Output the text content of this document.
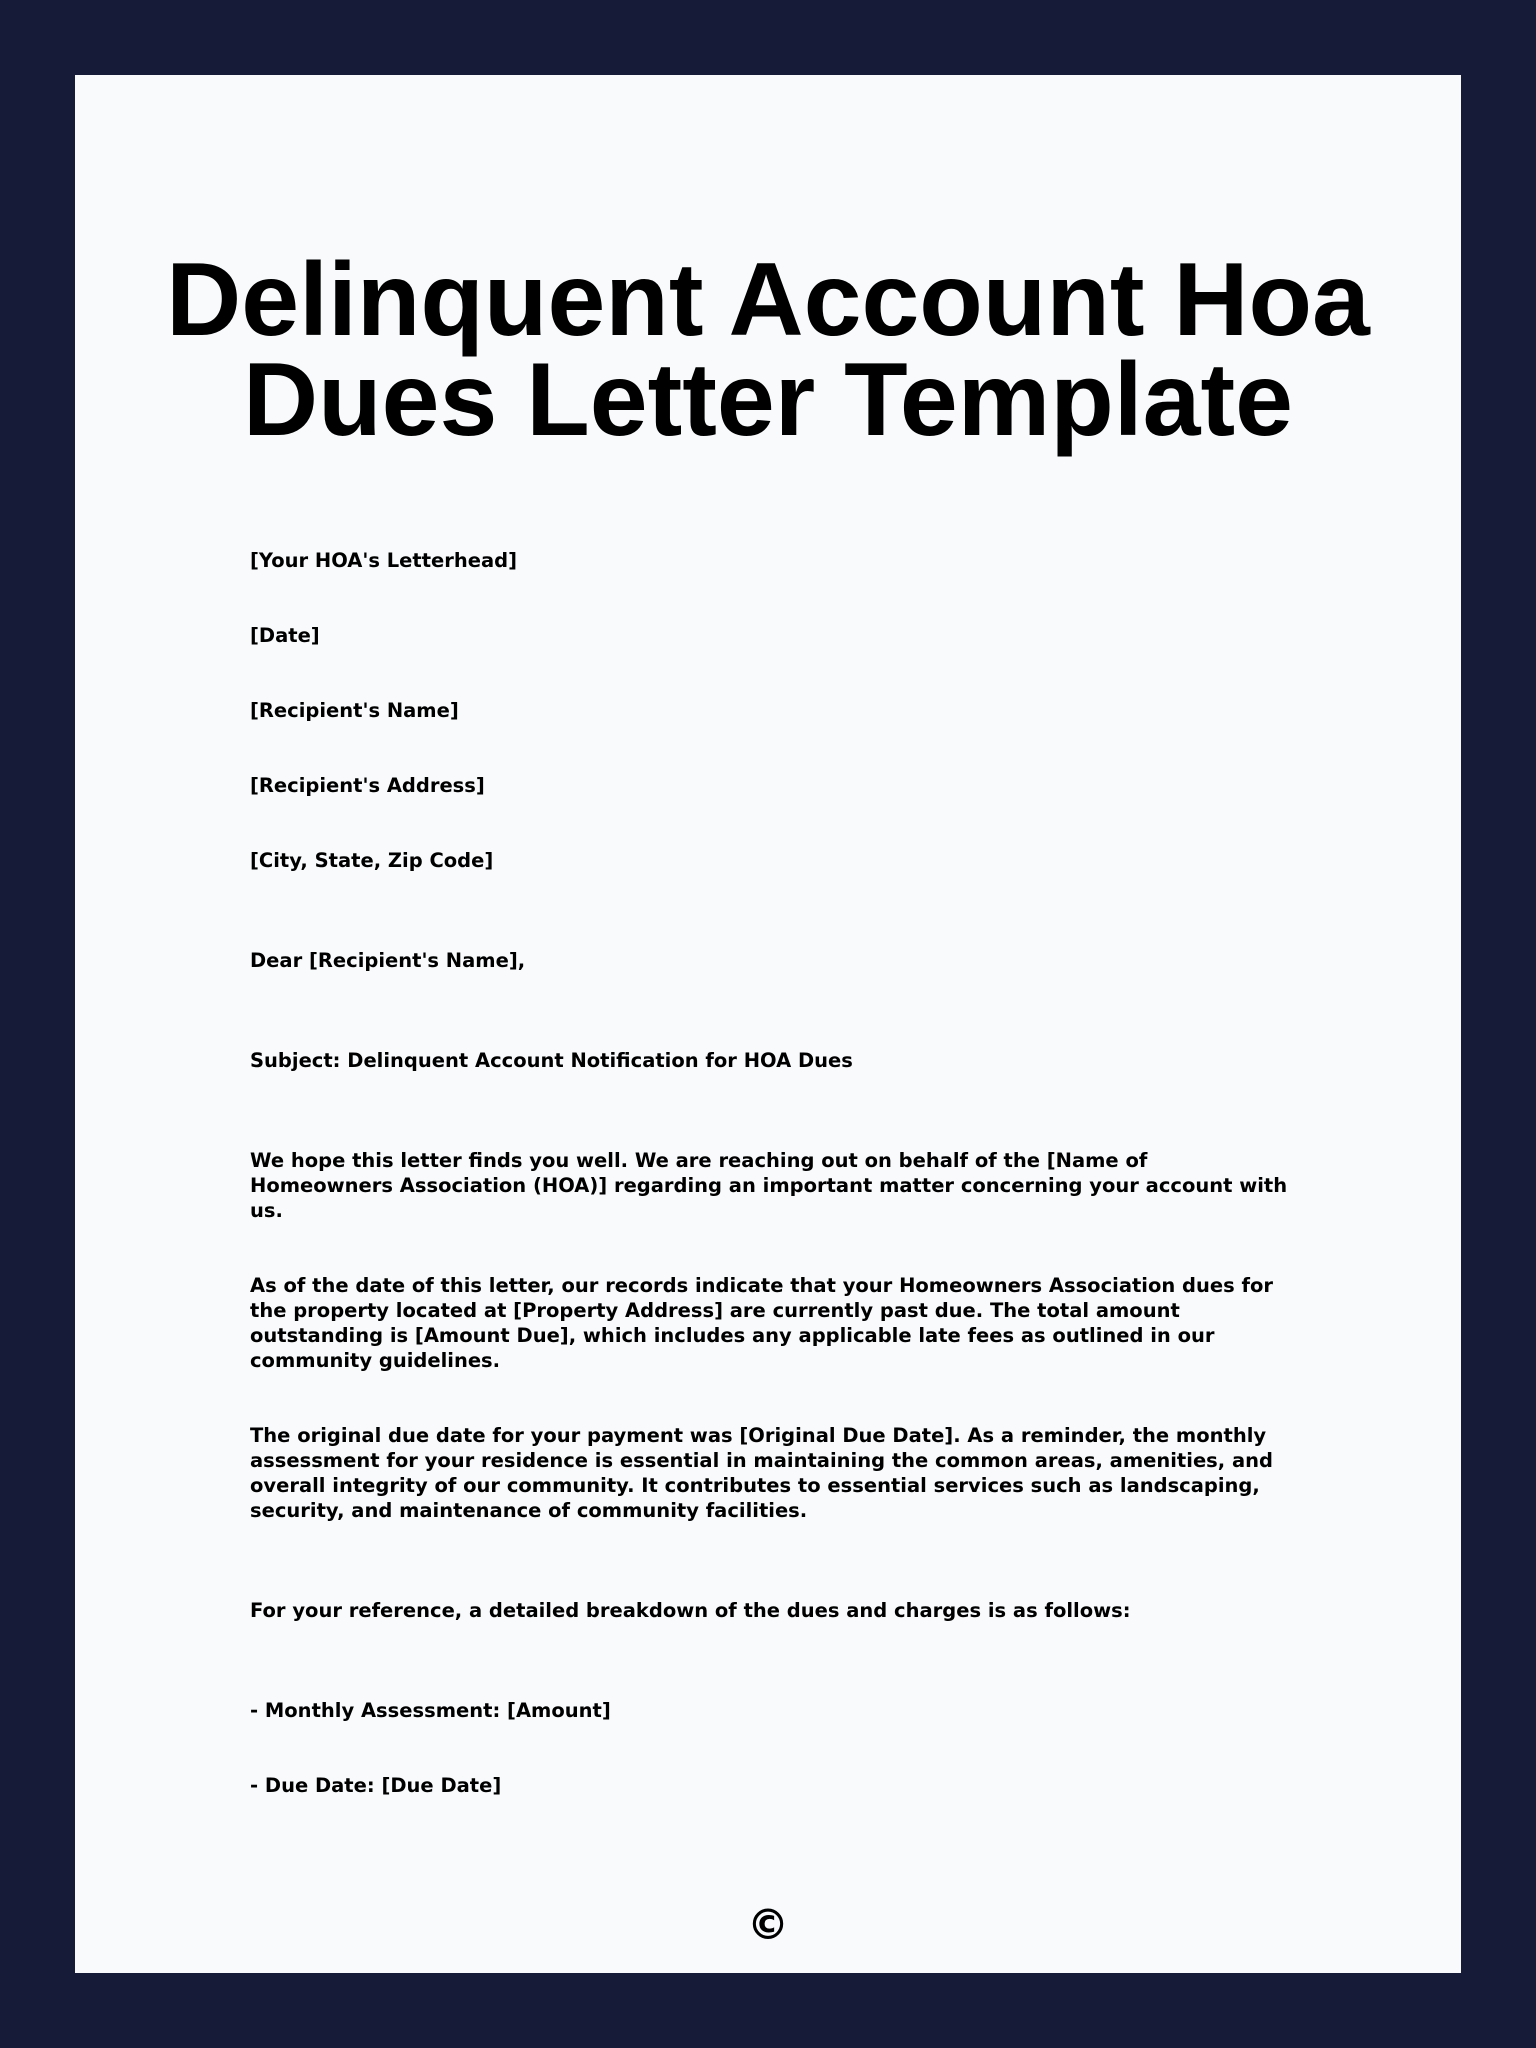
Delinquent Account Hoa Dues Letter Template

[Your HOA's Letterhead]

[Date]

[Recipient's Name]

[Recipient's Address]

[City, State, Zip Code]

Dear [Recipient's Name],

Subject: Delinquent Account Notification for HOA Dues

We hope this letter finds you well. We are reaching out on behalf of the [Name of Homeowners Association (HOA)] regarding an important matter concerning your account with us.

As of the date of this letter, our records indicate that your Homeowners Association dues for the property located at [Property Address] are currently past due. The total amount outstanding is [Amount Due], which includes any applicable late fees as outlined in our community guidelines.

The original due date for your payment was [Original Due Date]. As a reminder, the monthly assessment for your residence is essential in maintaining the common areas, amenities, and overall integrity of our community. It contributes to essential services such as landscaping, security, and maintenance of community facilities.

For your reference, a detailed breakdown of the dues and charges is as follows:

- Monthly Assessment: [Amount]

- Due Date: [Due Date]

©
